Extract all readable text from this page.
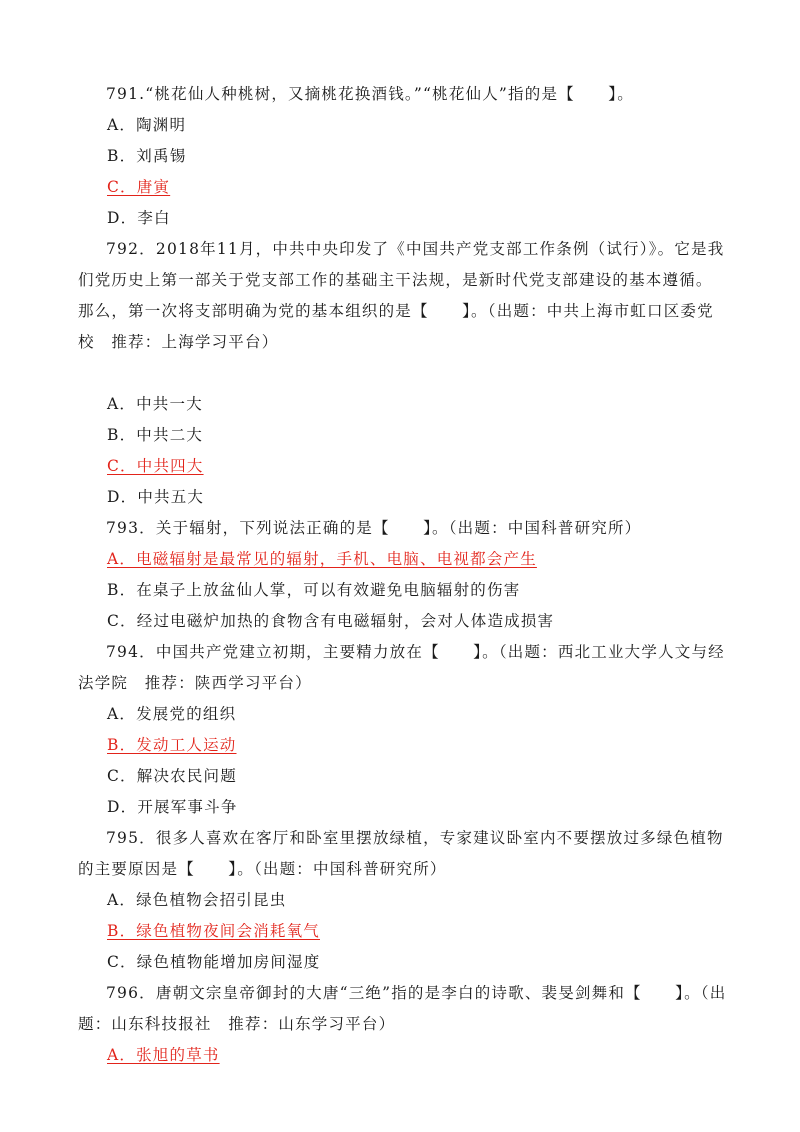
791.“桃花仙人种桃树，又摘桃花换酒钱。”“桃花仙人”指的是【　　】。

A．陶渊明

B．刘禹锡

C．唐寅

D．李白

792．2018年11月，中共中央印发了《中国共产党支部工作条例（试行）》。它是我们党历史上第一部关于党支部工作的基础主干法规，是新时代党支部建设的基本遵循。那么，第一次将支部明确为党的基本组织的是【　　】。（出题：中共上海市虹口区委党校　推荐：上海学习平台）

A．中共一大

B．中共二大

C．中共四大

D．中共五大

793．关于辐射，下列说法正确的是【　　】。（出题：中国科普研究所）

A．电磁辐射是最常见的辐射，手机、电脑、电视都会产生

B．在桌子上放盆仙人掌，可以有效避免电脑辐射的伤害

C．经过电磁炉加热的食物含有电磁辐射，会对人体造成损害

794．中国共产党建立初期，主要精力放在【　　】。（出题：西北工业大学人文与经法学院　推荐：陕西学习平台）

A．发展党的组织

B．发动工人运动

C．解决农民问题

D．开展军事斗争

795．很多人喜欢在客厅和卧室里摆放绿植，专家建议卧室内不要摆放过多绿色植物的主要原因是【　　】。（出题：中国科普研究所）

A．绿色植物会招引昆虫

B．绿色植物夜间会消耗氧气

C．绿色植物能增加房间湿度

796．唐朝文宗皇帝御封的大唐“三绝”指的是李白的诗歌、裴旻剑舞和【　　】。（出题：山东科技报社　推荐：山东学习平台）

A．张旭的草书
